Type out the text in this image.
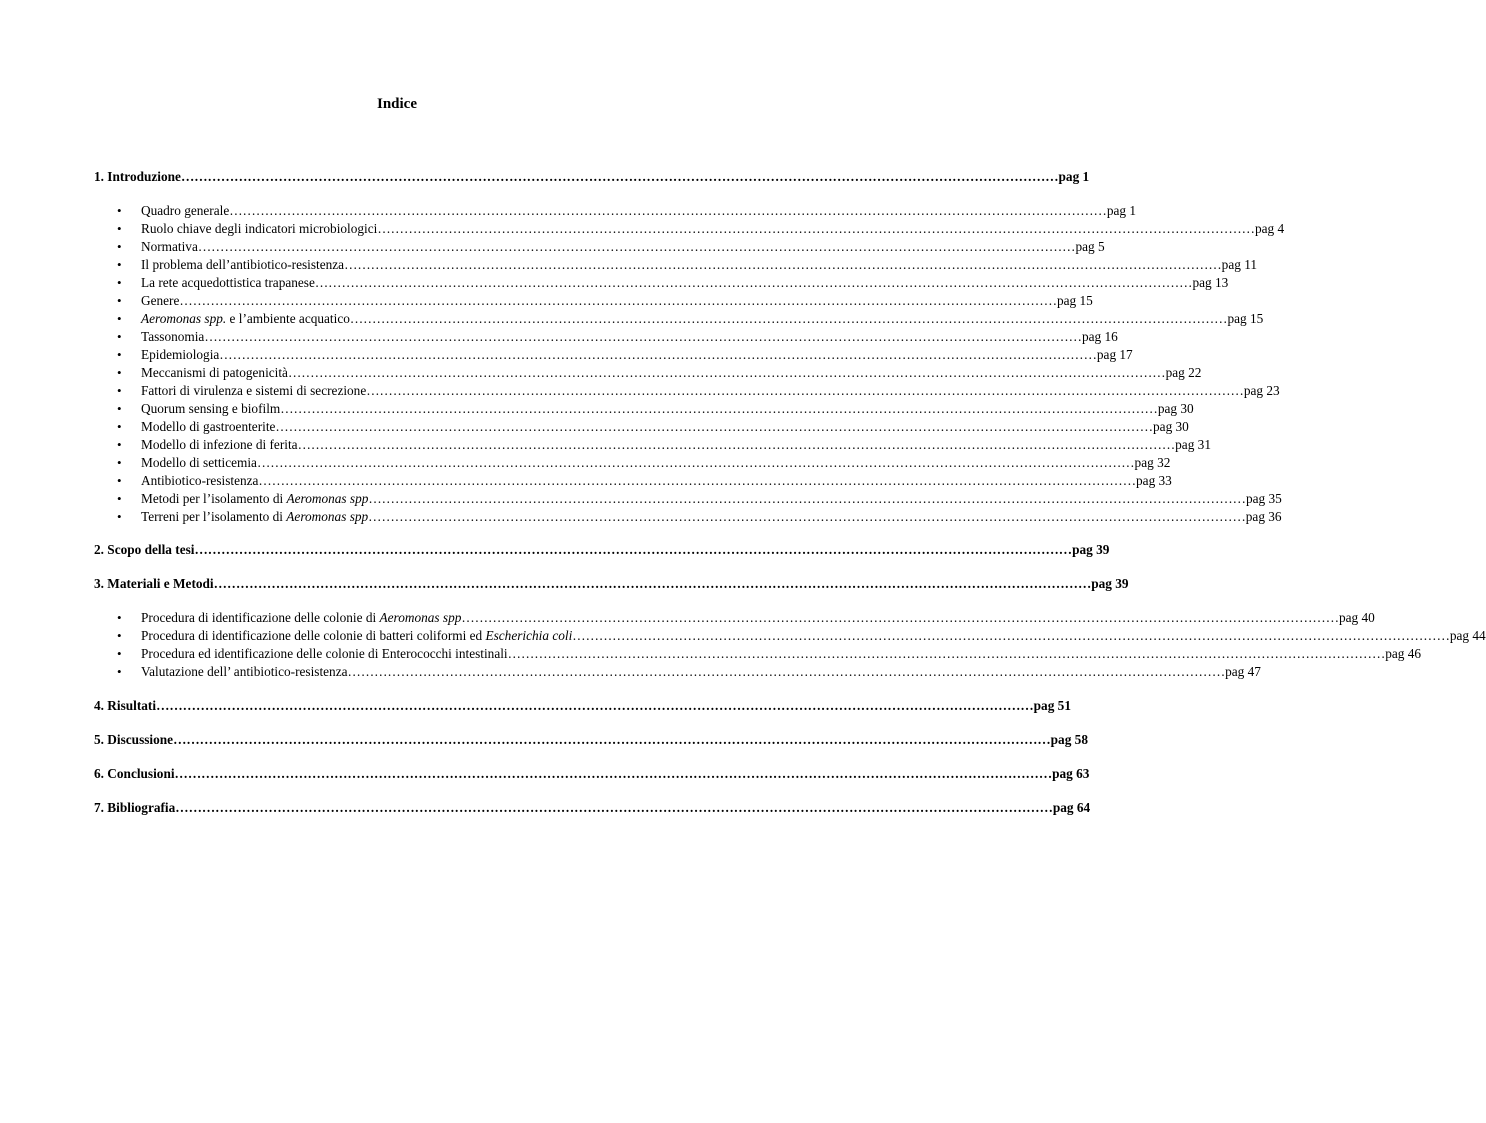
Indice
1. Introduzione ……………………………………………………………………………………………………………………………………………………………………………… pag 1
• Quadro generale ……………………………………………………………………………………………………………………………………………………………………………… pag 1
• Ruolo chiave degli indicatori microbiologici ……………………………………………………………………………………………………………………………………………………………………………… pag 4
• Normativa ……………………………………………………………………………………………………………………………………………………………………………… pag 5
• Il problema dell’antibiotico-resistenza ……………………………………………………………………………………………………………………………………………………………………………… pag 11
• La rete acquedottistica trapanese ……………………………………………………………………………………………………………………………………………………………………………… pag 13
• Genere ……………………………………………………………………………………………………………………………………………………………………………… pag 15
• Aeromonas spp. e l’ambiente acquatico ……………………………………………………………………………………………………………………………………………………………………………… pag 15
• Tassonomia ……………………………………………………………………………………………………………………………………………………………………………… pag 16
• Epidemiologia ……………………………………………………………………………………………………………………………………………………………………………… pag 17
• Meccanismi di patogenicità ……………………………………………………………………………………………………………………………………………………………………………… pag 22
• Fattori di virulenza e sistemi di secrezione ……………………………………………………………………………………………………………………………………………………………………………… pag 23
• Quorum sensing e biofilm ……………………………………………………………………………………………………………………………………………………………………………… pag 30
• Modello di gastroenterite ……………………………………………………………………………………………………………………………………………………………………………… pag 30
• Modello di infezione di ferita ……………………………………………………………………………………………………………………………………………………………………………… pag 31
• Modello di setticemia ……………………………………………………………………………………………………………………………………………………………………………… pag 32
• Antibiotico-resistenza ……………………………………………………………………………………………………………………………………………………………………………… pag 33
• Metodi per l’isolamento di Aeromonas spp ……………………………………………………………………………………………………………………………………………………………………………… pag 35
• Terreni per l’isolamento di Aeromonas spp ……………………………………………………………………………………………………………………………………………………………………………… pag 36
2. Scopo della tesi ……………………………………………………………………………………………………………………………………………………………………………… pag 39
3. Materiali e Metodi ……………………………………………………………………………………………………………………………………………………………………………… pag 39
• Procedura di identificazione delle colonie di Aeromonas spp ……………………………………………………………………………………………………………………………………………………………………………… pag 40
• Procedura di identificazione delle colonie di batteri coliformi ed Escherichia coli ……………………………………………………………………………………………………………………………………………………………………………… pag 44
• Procedura ed identificazione delle colonie di Enterococchi intestinali ……………………………………………………………………………………………………………………………………………………………………………… pag 46
• Valutazione dell’ antibiotico-resistenza ……………………………………………………………………………………………………………………………………………………………………………… pag 47
4. Risultati ……………………………………………………………………………………………………………………………………………………………………………… pag 51
5. Discussione ……………………………………………………………………………………………………………………………………………………………………………… pag 58
6. Conclusioni ……………………………………………………………………………………………………………………………………………………………………………… pag 63
7. Bibliografia ……………………………………………………………………………………………………………………………………………………………………………… pag 64
